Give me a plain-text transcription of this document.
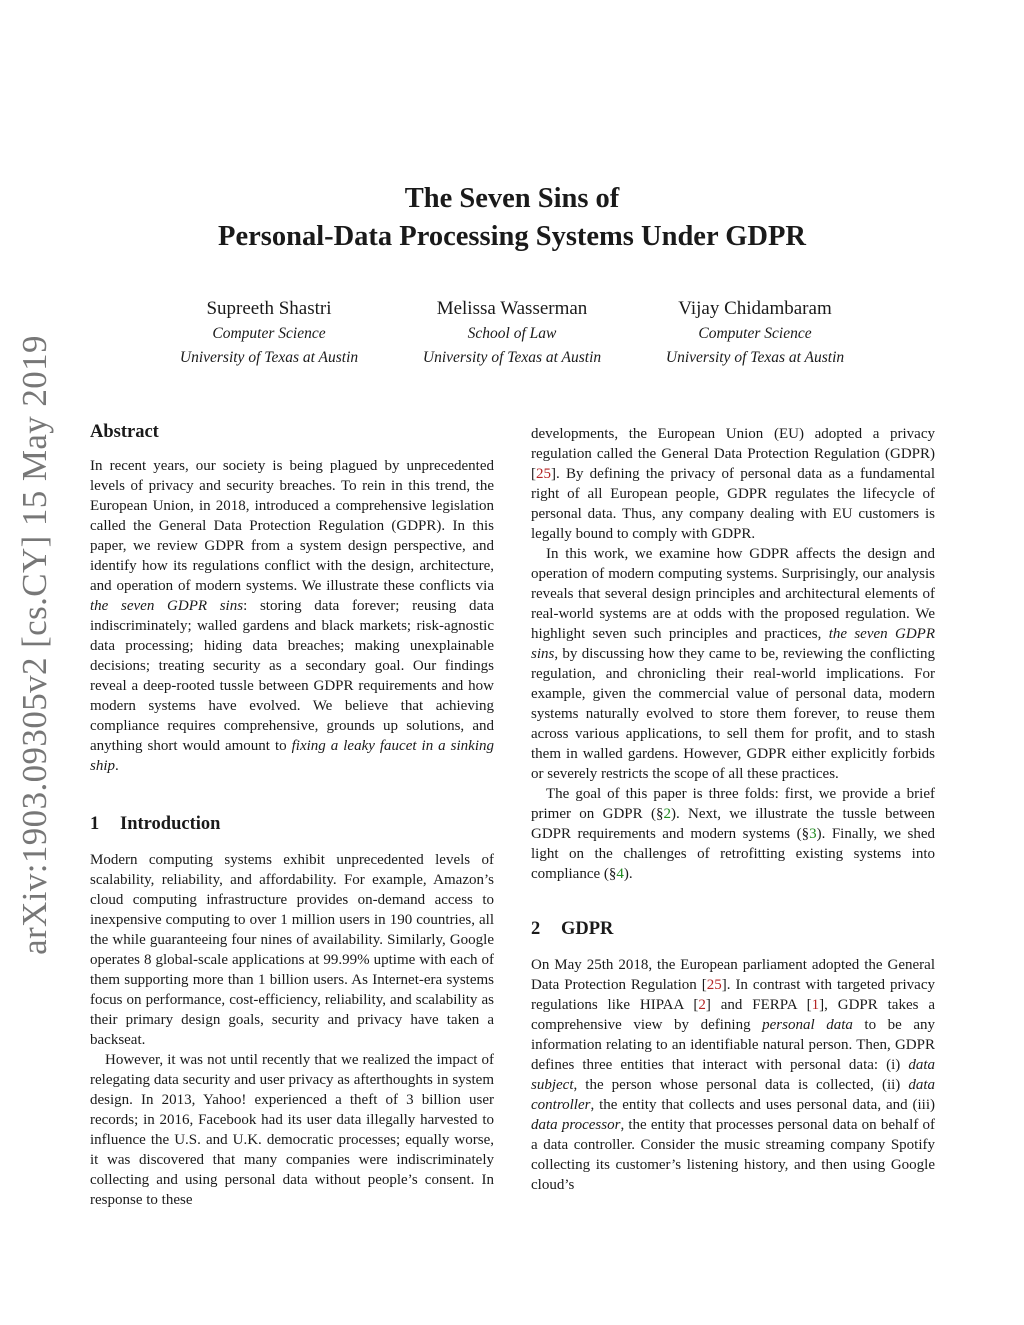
arXiv:1903.09305v2 [cs.CY] 15 May 2019
The Seven Sins of
Personal-Data Processing Systems Under GDPR
Supreeth Shastri
Computer Science
University of Texas at Austin
Melissa Wasserman
School of Law
University of Texas at Austin
Vijay Chidambaram
Computer Science
University of Texas at Austin
Abstract

In recent years, our society is being plagued by unprecedented levels of privacy and security breaches. To rein in this trend, the European Union, in 2018, introduced a comprehensive legislation called the General Data Protection Regulation (GDPR). In this paper, we review GDPR from a system design perspective, and identify how its regulations conflict with the design, architecture, and operation of modern systems. We illustrate these conflicts via the seven GDPR sins: storing data forever; reusing data indiscriminately; walled gardens and black markets; risk-agnostic data processing; hiding data breaches; making unexplainable decisions; treating security as a secondary goal. Our findings reveal a deep-rooted tussle between GDPR requirements and how modern systems have evolved. We believe that achieving compliance requires comprehensive, grounds up solutions, and anything short would amount to fixing a leaky faucet in a sinking ship.

1 Introduction

Modern computing systems exhibit unprecedented levels of scalability, reliability, and affordability. For example, Amazon’s cloud computing infrastructure provides on-demand access to inexpensive computing to over 1 million users in 190 countries, all the while guaranteeing four nines of availability. Similarly, Google operates 8 global-scale applications at 99.99% uptime with each of them supporting more than 1 billion users. As Internet-era systems focus on performance, cost-efficiency, reliability, and scalability as their primary design goals, security and privacy have taken a backseat.

However, it was not until recently that we realized the impact of relegating data security and user privacy as afterthoughts in system design. In 2013, Yahoo! experienced a theft of 3 billion user records; in 2016, Facebook had its user data illegally harvested to influence the U.S. and U.K. democratic processes; equally worse, it was discovered that many companies were indiscriminately collecting and using personal data without people’s consent. In response to these

developments, the European Union (EU) adopted a privacy regulation called the General Data Protection Regulation (GDPR) [25]. By defining the privacy of personal data as a fundamental right of all European people, GDPR regulates the lifecycle of personal data. Thus, any company dealing with EU customers is legally bound to comply with GDPR.

In this work, we examine how GDPR affects the design and operation of modern computing systems. Surprisingly, our analysis reveals that several design principles and architectural elements of real-world systems are at odds with the proposed regulation. We highlight seven such principles and practices, the seven GDPR sins, by discussing how they came to be, reviewing the conflicting regulation, and chronicling their real-world implications. For example, given the commercial value of personal data, modern systems naturally evolved to store them forever, to reuse them across various applications, to sell them for profit, and to stash them in walled gardens. However, GDPR either explicitly forbids or severely restricts the scope of all these practices.

The goal of this paper is three folds: first, we provide a brief primer on GDPR (§2). Next, we illustrate the tussle between GDPR requirements and modern systems (§3). Finally, we shed light on the challenges of retrofitting existing systems into compliance (§4).

2 GDPR

On May 25th 2018, the European parliament adopted the General Data Protection Regulation [25]. In contrast with targeted privacy regulations like HIPAA [2] and FERPA [1], GDPR takes a comprehensive view by defining personal data to be any information relating to an identifiable natural person. Then, GDPR defines three entities that interact with personal data: (i) data subject, the person whose personal data is collected, (ii) data controller, the entity that collects and uses personal data, and (iii) data processor, the entity that processes personal data on behalf of a data controller. Consider the music streaming company Spotify collecting its customer’s listening history, and then using Google cloud’s
